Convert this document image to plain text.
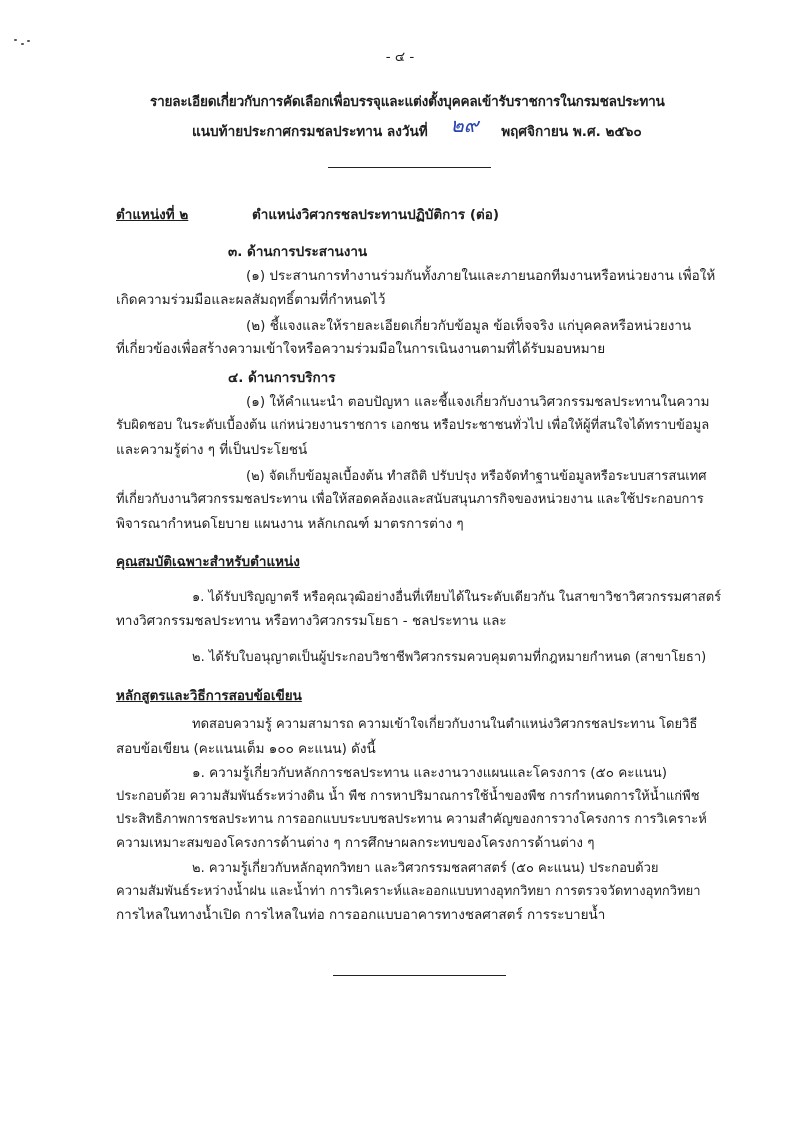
- ๔ -
รายละเอียดเกี่ยวกับการคัดเลือกเพื่อบรรจุและแต่งตั้งบุคคลเข้ารับราชการในกรมชลประทาน
แนบท้ายประกาศกรมชลประทาน ลงวันที่ ๒๙ พฤศจิกายน พ.ศ. ๒๕๖๐
ตำแหน่งที่ ๒	ตำแหน่งวิศวกรชลประทานปฏิบัติการ (ต่อ)
๓. ด้านการประสานงาน
(๑) ประสานการทำงานร่วมกันทั้งภายในและภายนอกทีมงานหรือหน่วยงาน เพื่อให้
เกิดความร่วมมือและผลสัมฤทธิ์ตามที่กำหนดไว้
(๒) ชี้แจงและให้รายละเอียดเกี่ยวกับข้อมูล ข้อเท็จจริง แก่บุคคลหรือหน่วยงาน
ที่เกี่ยวข้องเพื่อสร้างความเข้าใจหรือความร่วมมือในการเนินงานตามที่ได้รับมอบหมาย
๔. ด้านการบริการ
(๑) ให้คำแนะนำ ตอบปัญหา และชี้แจงเกี่ยวกับงานวิศวกรรมชลประทานในความ
รับผิดชอบ ในระดับเบื้องต้น แก่หน่วยงานราชการ เอกชน หรือประชาชนทั่วไป เพื่อให้ผู้ที่สนใจได้ทราบข้อมูล
และความรู้ต่าง ๆ ที่เป็นประโยชน์
(๒) จัดเก็บข้อมูลเบื้องต้น ทำสถิติ ปรับปรุง หรือจัดทำฐานข้อมูลหรือระบบสารสนเทศ
ที่เกี่ยวกับงานวิศวกรรมชลประทาน เพื่อให้สอดคล้องและสนับสนุนภารกิจของหน่วยงาน และใช้ประกอบการ
พิจารณากำหนดโยบาย แผนงาน หลักเกณฑ์ มาตรการต่าง ๆ
คุณสมบัติเฉพาะสำหรับตำแหน่ง
๑. ได้รับปริญญาตรี หรือคุณวุฒิอย่างอื่นที่เทียบได้ในระดับเดียวกัน ในสาขาวิชาวิศวกรรมศาสตร์
ทางวิศวกรรมชลประทาน หรือทางวิศวกรรมโยธา - ชลประทาน และ
๒. ได้รับใบอนุญาตเป็นผู้ประกอบวิชาชีพวิศวกรรมควบคุมตามที่กฎหมายกำหนด (สาขาโยธา)
หลักสูตรและวิธีการสอบข้อเขียน
ทดสอบความรู้ ความสามารถ ความเข้าใจเกี่ยวกับงานในตำแหน่งวิศวกรชลประทาน โดยวิธี
สอบข้อเขียน (คะแนนเต็ม ๑๐๐ คะแนน) ดังนี้
๑. ความรู้เกี่ยวกับหลักการชลประทาน และงานวางแผนและโครงการ (๕๐ คะแนน)
ประกอบด้วย ความสัมพันธ์ระหว่างดิน น้ำ พืช การหาปริมาณการใช้น้ำของพืช การกำหนดการให้น้ำแก่พืช
ประสิทธิภาพการชลประทาน การออกแบบระบบชลประทาน ความสำคัญของการวางโครงการ การวิเคราะห์
ความเหมาะสมของโครงการด้านต่าง ๆ การศึกษาผลกระทบของโครงการด้านต่าง ๆ
๒. ความรู้เกี่ยวกับหลักอุทกวิทยา และวิศวกรรมชลศาสตร์ (๕๐ คะแนน) ประกอบด้วย
ความสัมพันธ์ระหว่างน้ำฝน และน้ำท่า การวิเคราะห์และออกแบบทางอุทกวิทยา การตรวจวัดทางอุทกวิทยา
การไหลในทางน้ำเปิด การไหลในท่อ การออกแบบอาคารทางชลศาสตร์ การระบายน้ำ
